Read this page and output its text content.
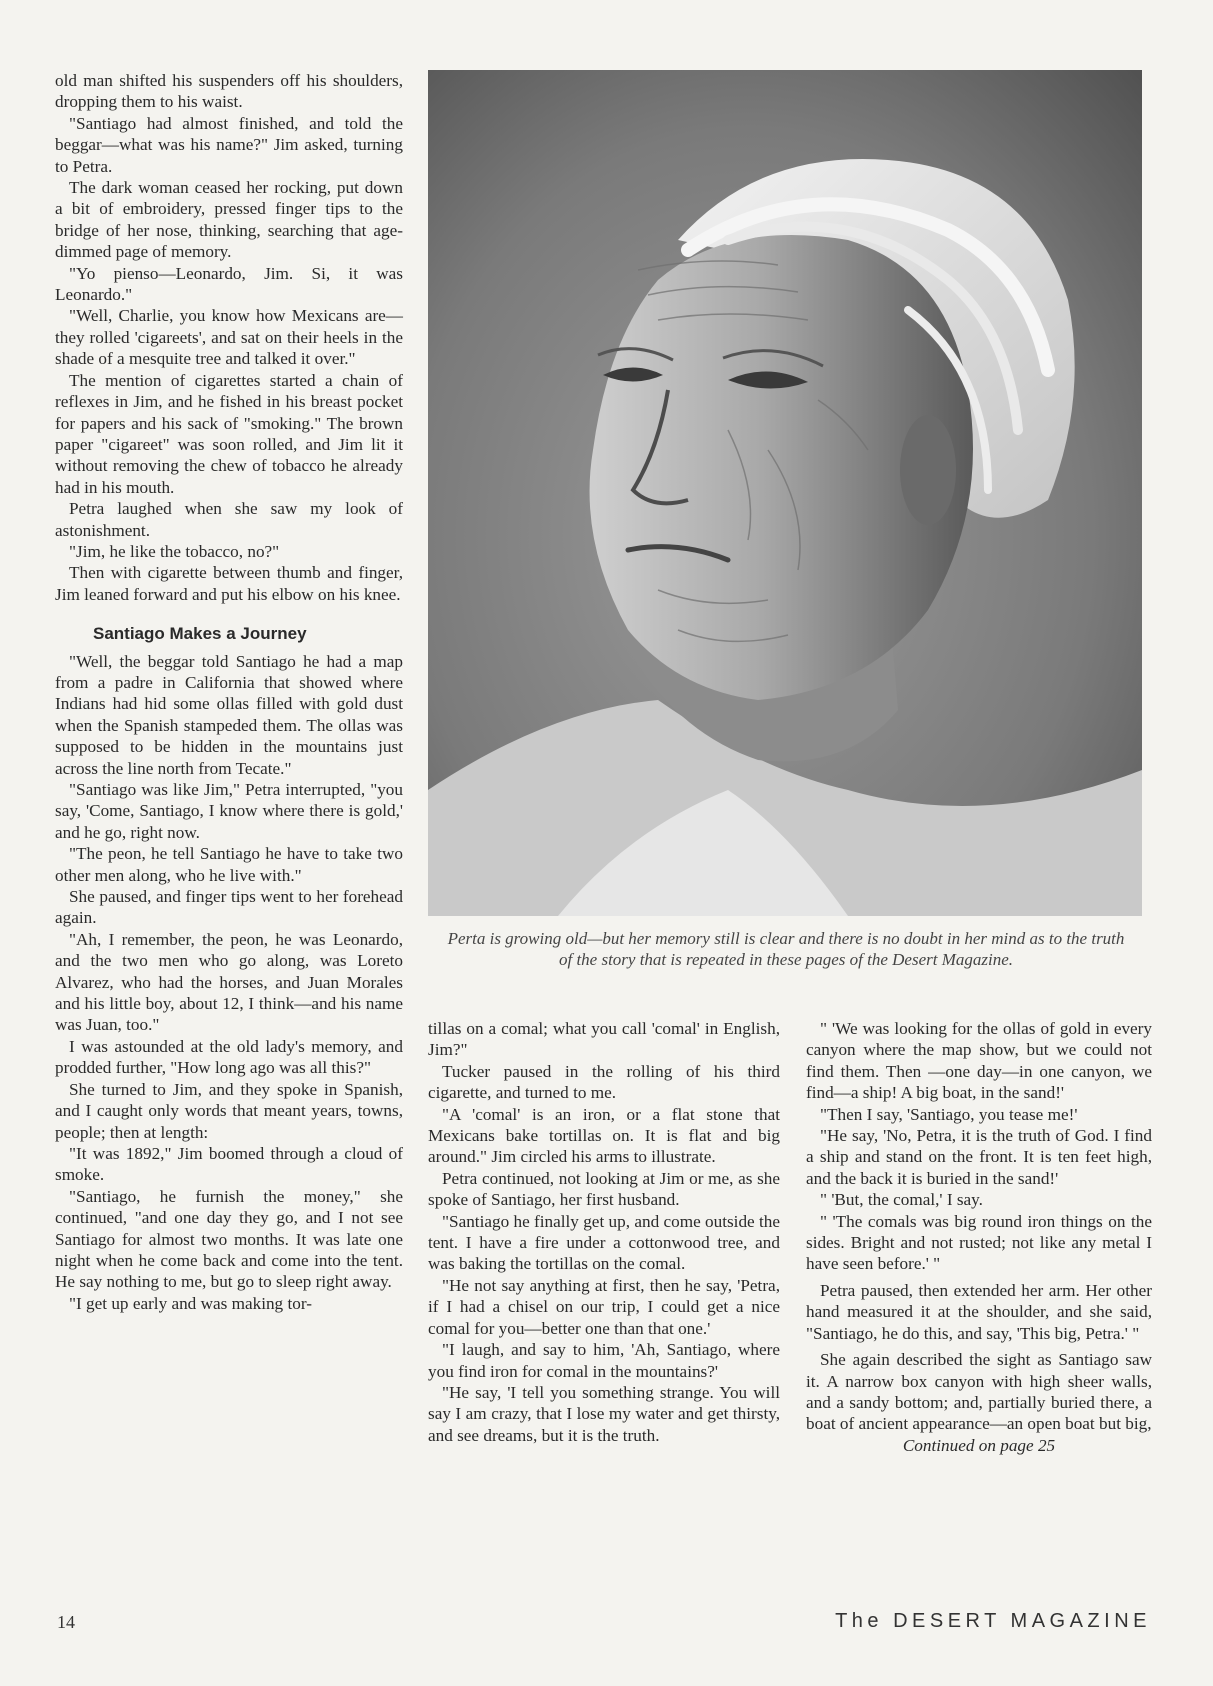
old man shifted his suspenders off his shoulders, dropping them to his waist.

"Santiago had almost finished, and told the beggar—what was his name?" Jim asked, turning to Petra.

The dark woman ceased her rocking, put down a bit of embroidery, pressed finger tips to the bridge of her nose, thinking, searching that age-dimmed page of memory.

"Yo pienso—Leonardo, Jim. Si, it was Leonardo."

"Well, Charlie, you know how Mexicans are—they rolled 'cigareets', and sat on their heels in the shade of a mesquite tree and talked it over."

The mention of cigarettes started a chain of reflexes in Jim, and he fished in his breast pocket for papers and his sack of "smoking." The brown paper "cigareet" was soon rolled, and Jim lit it without removing the chew of tobacco he already had in his mouth.

Petra laughed when she saw my look of astonishment.

"Jim, he like the tobacco, no?"

Then with cigarette between thumb and finger, Jim leaned forward and put his elbow on his knee.

Santiago Makes a Journey

"Well, the beggar told Santiago he had a map from a padre in California that showed where Indians had hid some ollas filled with gold dust when the Spanish stampeded them. The ollas was supposed to be hidden in the mountains just across the line north from Tecate."

"Santiago was like Jim," Petra interrupted, "you say, 'Come, Santiago, I know where there is gold,' and he go, right now.

"The peon, he tell Santiago he have to take two other men along, who he live with."

She paused, and finger tips went to her forehead again.

"Ah, I remember, the peon, he was Leonardo, and the two men who go along, was Loreto Alvarez, who had the horses, and Juan Morales and his little boy, about 12, I think—and his name was Juan, too."

I was astounded at the old lady's memory, and prodded further, "How long ago was all this?"

She turned to Jim, and they spoke in Spanish, and I caught only words that meant years, towns, people; then at length:

"It was 1892," Jim boomed through a cloud of smoke.

"Santiago, he furnish the money," she continued, "and one day they go, and I not see Santiago for almost two months. It was late one night when he come back and come into the tent. He say nothing to me, but go to sleep right away.

"I get up early and was making tor-

Perta is growing old—but her memory still is clear and there is no doubt in her mind as to the truth of the story that is repeated in these pages of the Desert Magazine.

tillas on a comal; what you call 'comal' in English, Jim?"

Tucker paused in the rolling of his third cigarette, and turned to me.

"A 'comal' is an iron, or a flat stone that Mexicans bake tortillas on. It is flat and big around." Jim circled his arms to illustrate.

Petra continued, not looking at Jim or me, as she spoke of Santiago, her first husband.

"Santiago he finally get up, and come outside the tent. I have a fire under a cottonwood tree, and was baking the tortillas on the comal.

"He not say anything at first, then he say, 'Petra, if I had a chisel on our trip, I could get a nice comal for you—better one than that one.'

"I laugh, and say to him, 'Ah, Santiago, where you find iron for comal in the mountains?'

"He say, 'I tell you something strange. You will say I am crazy, that I lose my water and get thirsty, and see dreams, but it is the truth.

" 'We was looking for the ollas of gold in every canyon where the map show, but we could not find them. Then —one day—in one canyon, we find—a ship! A big boat, in the sand!'

"Then I say, 'Santiago, you tease me!'

"He say, 'No, Petra, it is the truth of God. I find a ship and stand on the front. It is ten feet high, and the back it is buried in the sand!'

" 'But, the comal,' I say.

" 'The comals was big round iron things on the sides. Bright and not rusted; not like any metal I have seen before.' "

Petra paused, then extended her arm. Her other hand measured it at the shoulder, and she said, "Santiago, he do this, and say, 'This big, Petra.' "

She again described the sight as Santiago saw it. A narrow box canyon with high sheer walls, and a sandy bottom; and, partially buried there, a boat of ancient appearance—an open boat but big,

Continued on page 25

14	The DESERT MAGAZINE
